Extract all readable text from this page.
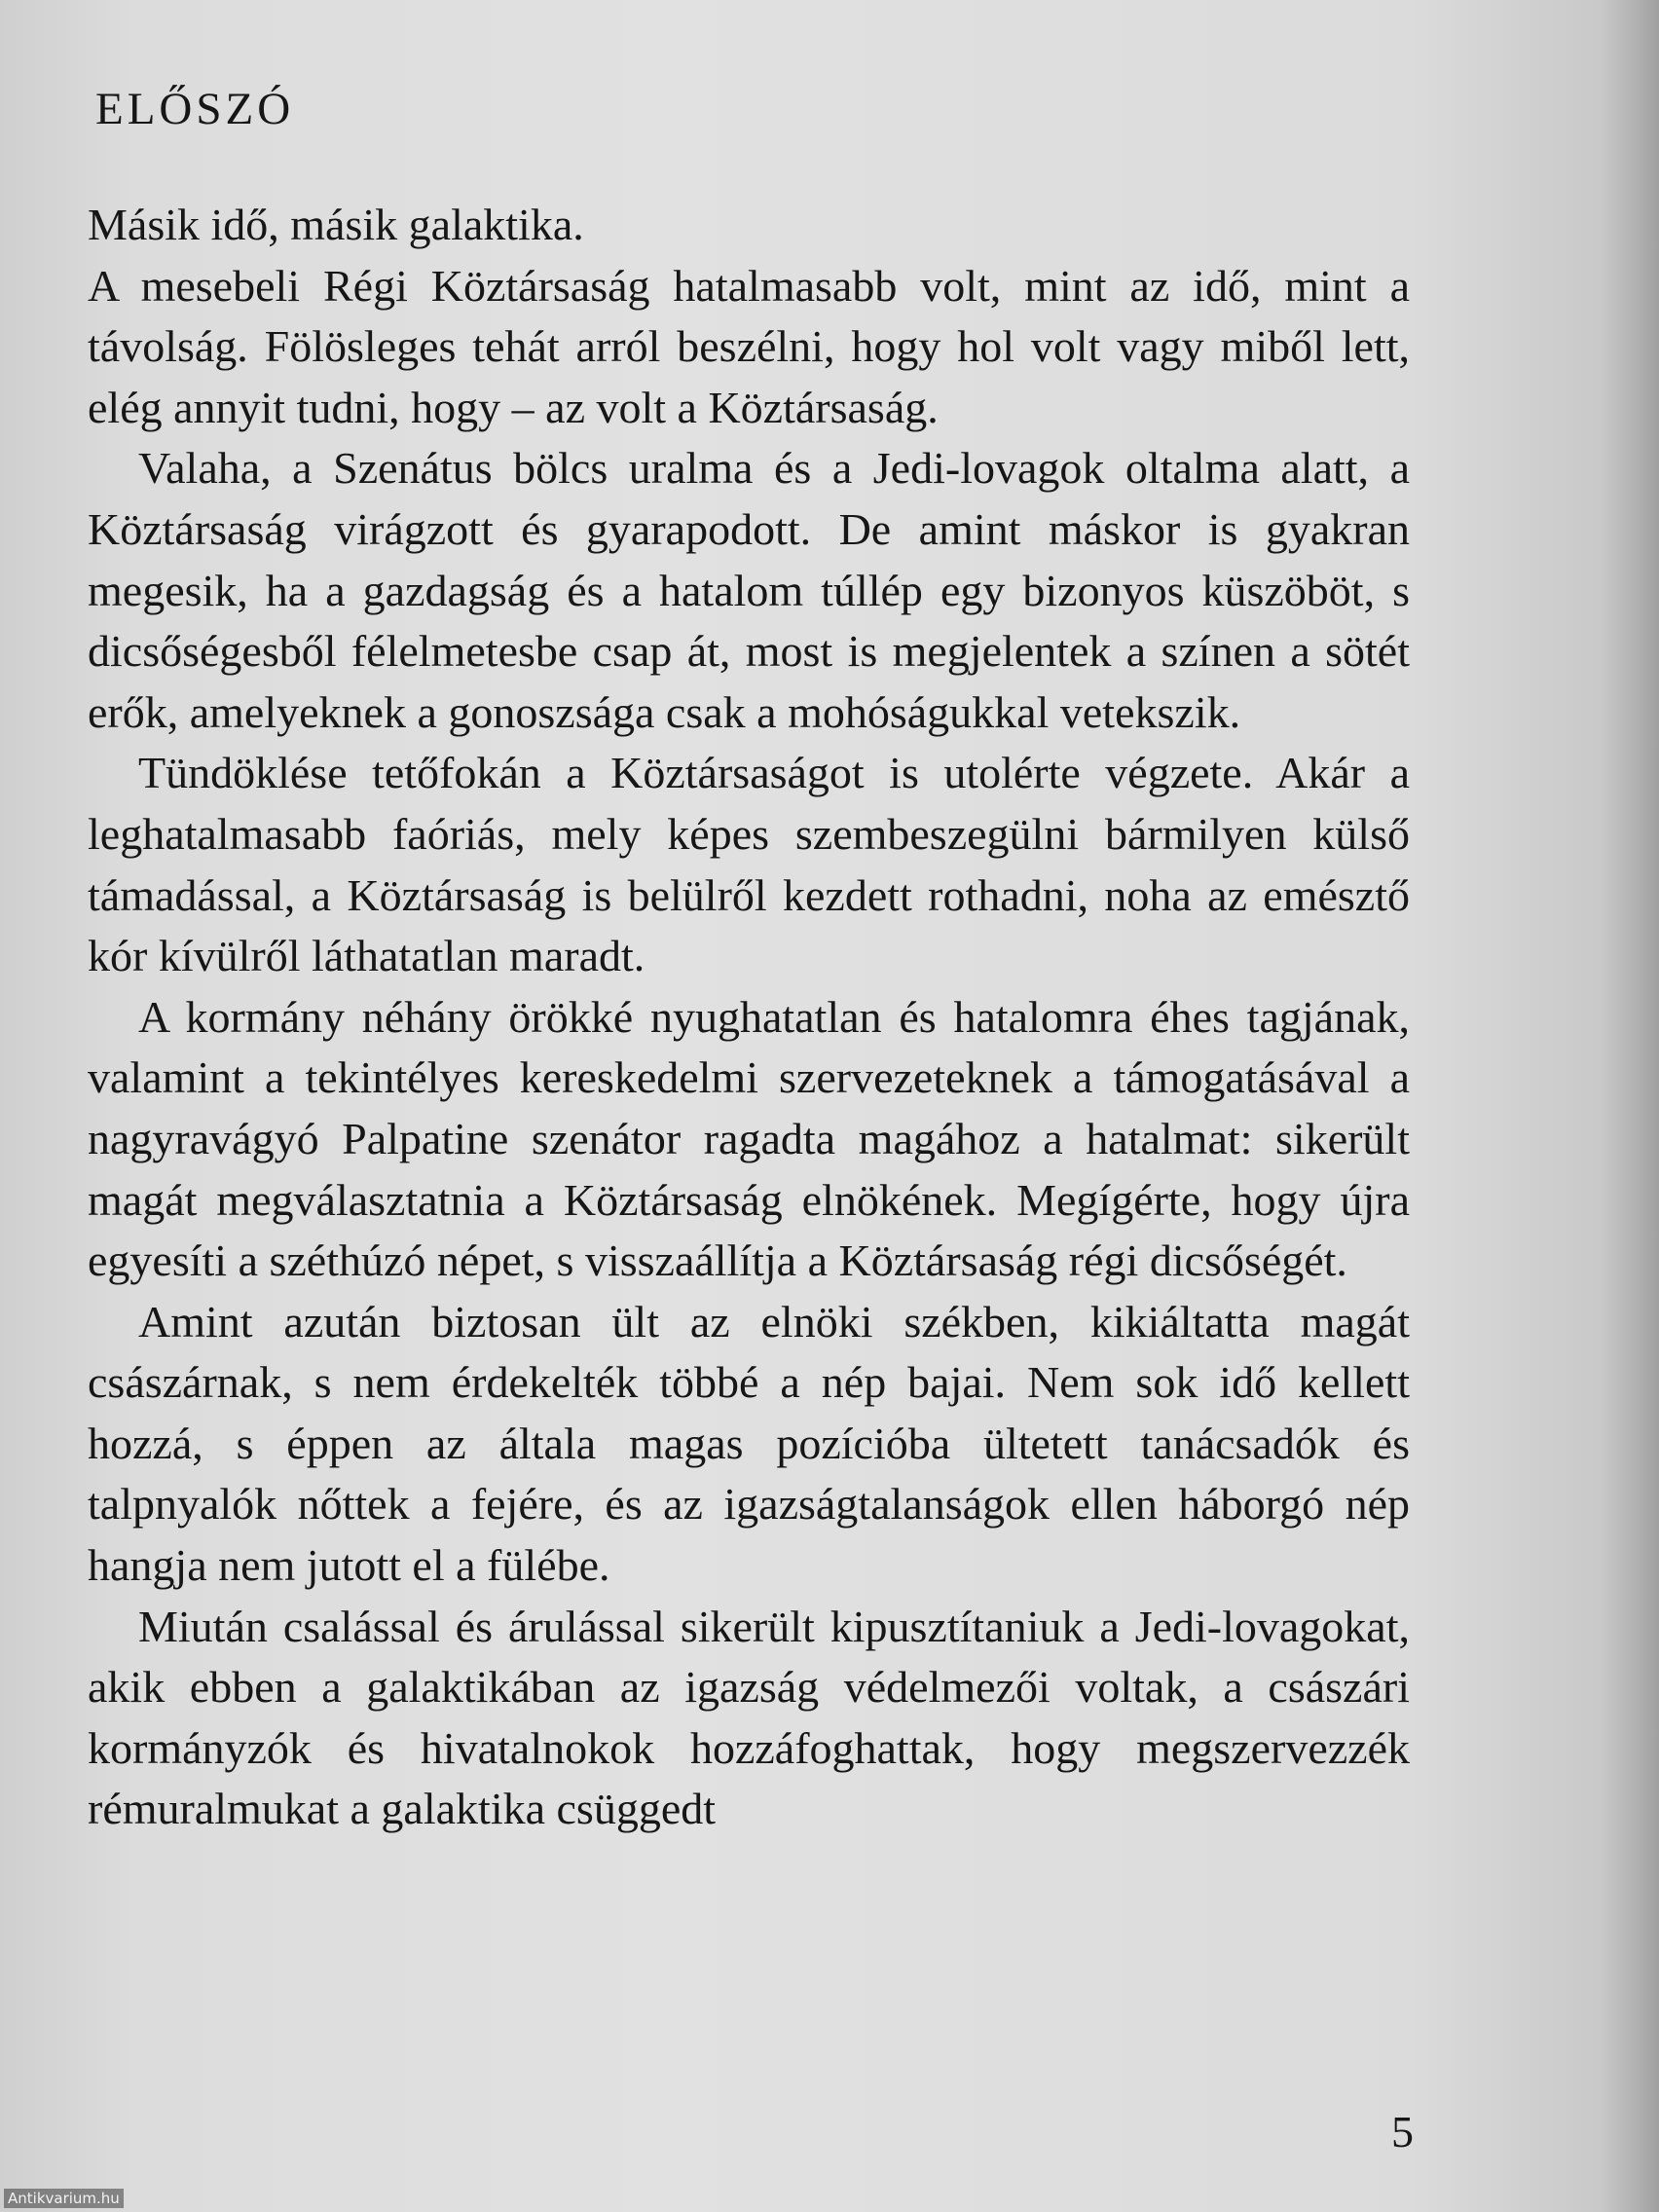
ELŐSZÓ

Másik idő, másik galaktika.

A mesebeli Régi Köztársaság hatalmasabb volt, mint az idő, mint a távolság. Fölösleges tehát arról beszélni, hogy hol volt vagy miből lett, elég annyit tudni, hogy – az volt a Köztársaság.

Valaha, a Szenátus bölcs uralma és a Jedi-lovagok oltalma alatt, a Köztársaság virágzott és gyarapodott. De amint máskor is gyakran megesik, ha a gazdagság és a hatalom túllép egy bizonyos küszöböt, s dicsőségesből félelmetesbe csap át, most is megjelentek a színen a sötét erők, amelyeknek a gonoszsága csak a mohóságukkal vetekszik.

Tündöklése tetőfokán a Köztársaságot is utolérte végzete. Akár a leghatalmasabb faóriás, mely képes szembeszegülni bármilyen külső támadással, a Köztársaság is belülről kezdett rothadni, noha az emésztő kór kívülről láthatatlan maradt.

A kormány néhány örökké nyughatatlan és hatalomra éhes tagjának, valamint a tekintélyes kereskedelmi szervezeteknek a támogatásával a nagyravágyó Palpatine szenátor ragadta magához a hatalmat: sikerült magát megválasztatnia a Köztársaság elnökének. Megígérte, hogy újra egyesíti a széthúzó népet, s visszaállítja a Köztársaság régi dicsőségét.

Amint azután biztosan ült az elnöki székben, kikiáltatta magát császárnak, s nem érdekelték többé a nép bajai. Nem sok idő kellett hozzá, s éppen az általa magas pozícióba ültetett tanácsadók és talpnyalók nőttek a fejére, és az igazságtalanságok ellen háborgó nép hangja nem jutott el a fülébe.

Miután csalással és árulással sikerült kipusztítaniuk a Jedi-lovagokat, akik ebben a galaktikában az igazság védelmezői voltak, a császári kormányzók és hivatalnokok hozzáfoghattak, hogy megszervezzék rémuralmukat a galaktika csüggedt

5
Antikvarium.hu
